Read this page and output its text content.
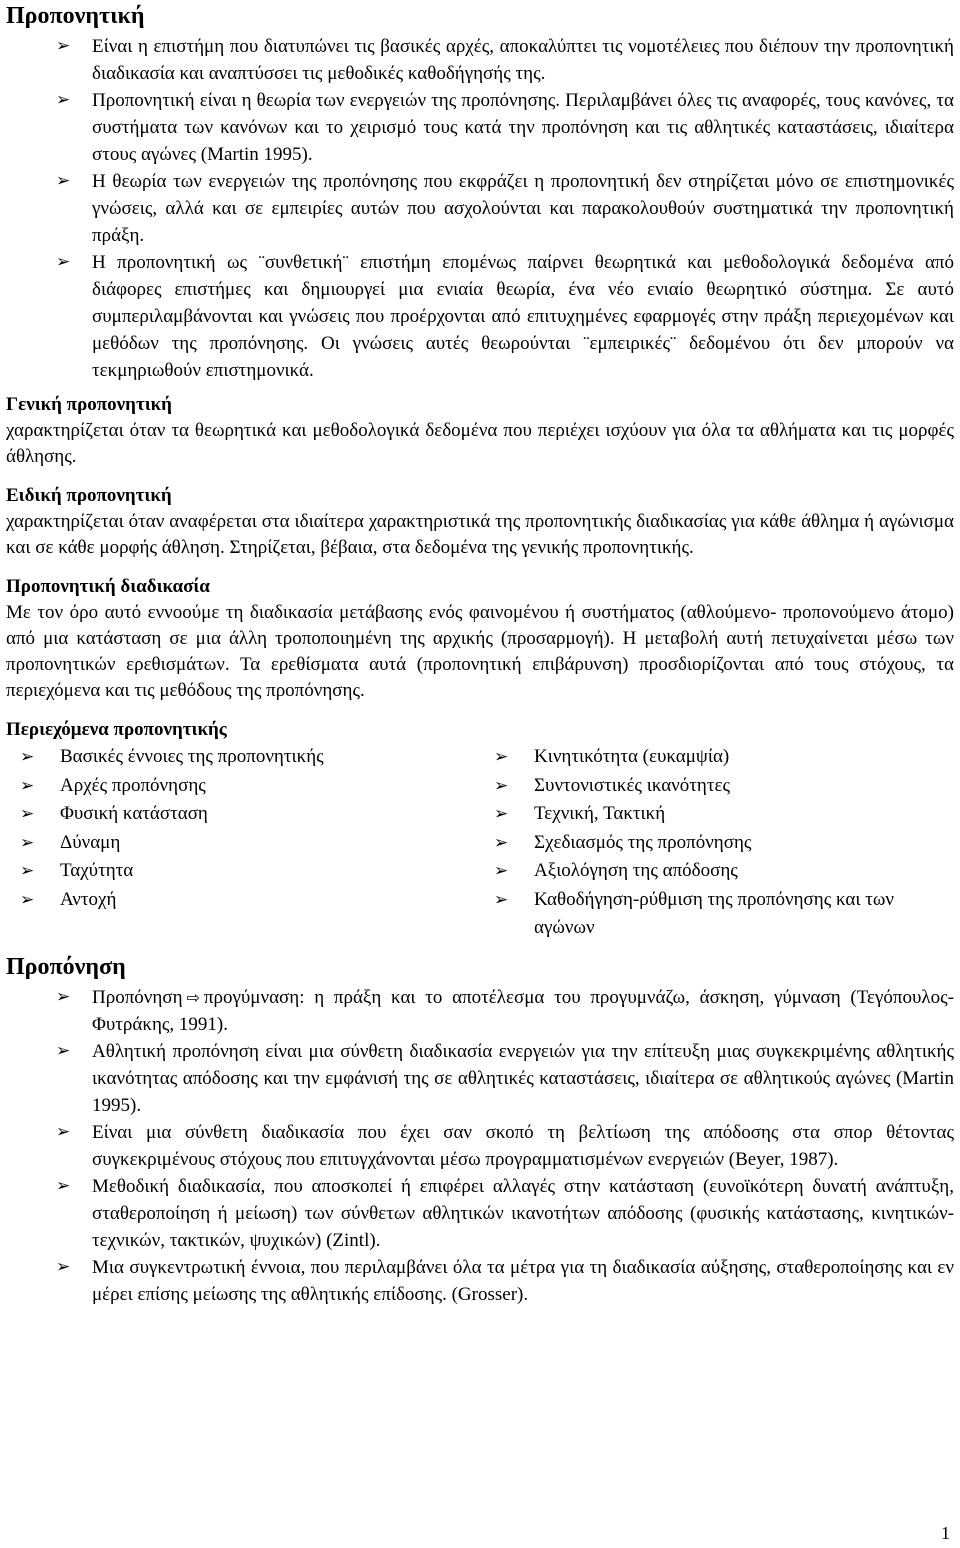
Προπονητική
➢ Είναι η επιστήμη που διατυπώνει τις βασικές αρχές, αποκαλύπτει τις νομοτέλειες που διέπουν την προπονητική διαδικασία και αναπτύσσει τις μεθοδικές καθοδήγησής της.
➢ Προπονητική είναι η θεωρία των ενεργειών της προπόνησης. Περιλαμβάνει όλες τις αναφορές, τους κανόνες, τα συστήματα των κανόνων και το χειρισμό τους κατά την προπόνηση και τις αθλητικές καταστάσεις, ιδιαίτερα στους αγώνες (Martin 1995).
➢ Η θεωρία των ενεργειών της προπόνησης που εκφράζει η προπονητική δεν στηρίζεται μόνο σε επιστημονικές γνώσεις, αλλά και σε εμπειρίες αυτών που ασχολούνται και παρακολουθούν συστηματικά την προπονητική πράξη.
➢ Η προπονητική ως ¨συνθετική¨ επιστήμη επομένως παίρνει θεωρητικά και μεθοδολογικά δεδομένα από διάφορες επιστήμες και δημιουργεί μια ενιαία θεωρία, ένα νέο ενιαίο θεωρητικό σύστημα. Σε αυτό συμπεριλαμβάνονται και γνώσεις που προέρχονται από επιτυχημένες εφαρμογές στην πράξη περιεχομένων και μεθόδων της προπόνησης. Οι γνώσεις αυτές θεωρούνται ¨εμπειρικές¨ δεδομένου ότι δεν μπορούν να τεκμηριωθούν επιστημονικά.
Γενική προπονητική

χαρακτηρίζεται όταν τα θεωρητικά και μεθοδολογικά δεδομένα που περιέχει ισχύουν για όλα τα αθλήματα και τις μορφές άθλησης.

Ειδική προπονητική

χαρακτηρίζεται όταν αναφέρεται στα ιδιαίτερα χαρακτηριστικά της προπονητικής διαδικασίας για κάθε άθλημα ή αγώνισμα και σε κάθε μορφής άθληση. Στηρίζεται, βέβαια, στα δεδομένα της γενικής προπονητικής.

Προπονητική διαδικασία

Με τον όρο αυτό εννοούμε τη διαδικασία μετάβασης ενός φαινομένου ή συστήματος (αθλούμενο- προπονούμενο άτομο) από μια κατάσταση σε μια άλλη τροποποιημένη της αρχικής (προσαρμογή). Η μεταβολή αυτή πετυχαίνεται μέσω των προπονητικών ερεθισμάτων. Τα ερεθίσματα αυτά (προπονητική επιβάρυνση) προσδιορίζονται από τους στόχους, τα περιεχόμενα και τις μεθόδους της προπόνησης.

Περιεχόμενα προπονητικής
➢ Βασικές έννοιες της προπονητικής
➢ Αρχές προπόνησης
➢ Φυσική κατάσταση
➢ Δύναμη
➢ Ταχύτητα
➢ Αντοχή
➢ Κινητικότητα (ευκαμψία)
➢ Συντονιστικές ικανότητες
➢ Τεχνική, Τακτική
➢ Σχεδιασμός της προπόνησης
➢ Αξιολόγηση της απόδοσης
➢ Καθοδήγηση-ρύθμιση της προπόνησης και των αγώνων
Προπόνηση
➢ Προπόνηση ⇨ προγύμναση: η πράξη και το αποτέλεσμα του προγυμνάζω, άσκηση, γύμναση (Τεγόπουλος-Φυτράκης, 1991).
➢ Αθλητική προπόνηση είναι μια σύνθετη διαδικασία ενεργειών για την επίτευξη μιας συγκεκριμένης αθλητικής ικανότητας απόδοσης και την εμφάνισή της σε αθλητικές καταστάσεις, ιδιαίτερα σε αθλητικούς αγώνες (Martin 1995).
➢ Είναι μια σύνθετη διαδικασία που έχει σαν σκοπό τη βελτίωση της απόδοσης στα σπορ θέτοντας συγκεκριμένους στόχους που επιτυγχάνονται μέσω προγραμματισμένων ενεργειών (Beyer, 1987).
➢ Μεθοδική διαδικασία, που αποσκοπεί ή επιφέρει αλλαγές στην κατάσταση (ευνοϊκότερη δυνατή ανάπτυξη, σταθεροποίηση ή μείωση) των σύνθετων αθλητικών ικανοτήτων απόδοσης (φυσικής κατάστασης, κινητικών-τεχνικών, τακτικών, ψυχικών) (Zintl).
➢ Μια συγκεντρωτική έννοια, που περιλαμβάνει όλα τα μέτρα για τη διαδικασία αύξησης, σταθεροποίησης και εν μέρει επίσης μείωσης της αθλητικής επίδοσης. (Grosser).
1
